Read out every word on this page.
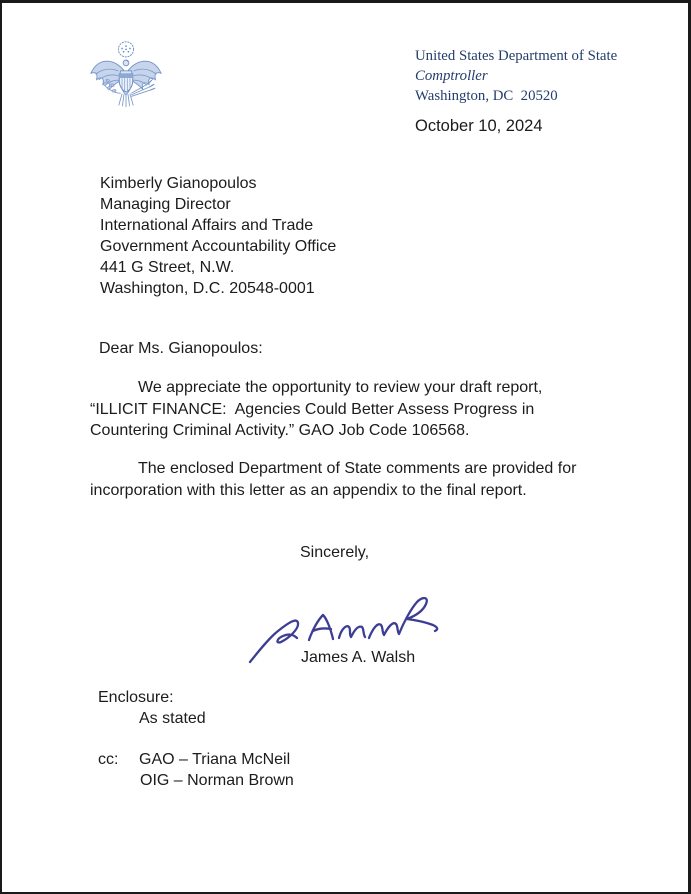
United States Department of State
Comptroller
Washington, DC  20520
October 10, 2024
Kimberly Gianopoulos
Managing Director
International Affairs and Trade
Government Accountability Office
441 G Street, N.W.
Washington, D.C. 20548-0001
Dear Ms. Gianopoulos:
We appreciate the opportunity to review your draft report,
“ILLICIT FINANCE:  Agencies Could Better Assess Progress in
Countering Criminal Activity.” GAO Job Code 106568.
The enclosed Department of State comments are provided for
incorporation with this letter as an appendix to the final report.
Sincerely,
James A. Walsh
Enclosure:
As stated
cc: GAO – Triana McNeil
OIG – Norman Brown
